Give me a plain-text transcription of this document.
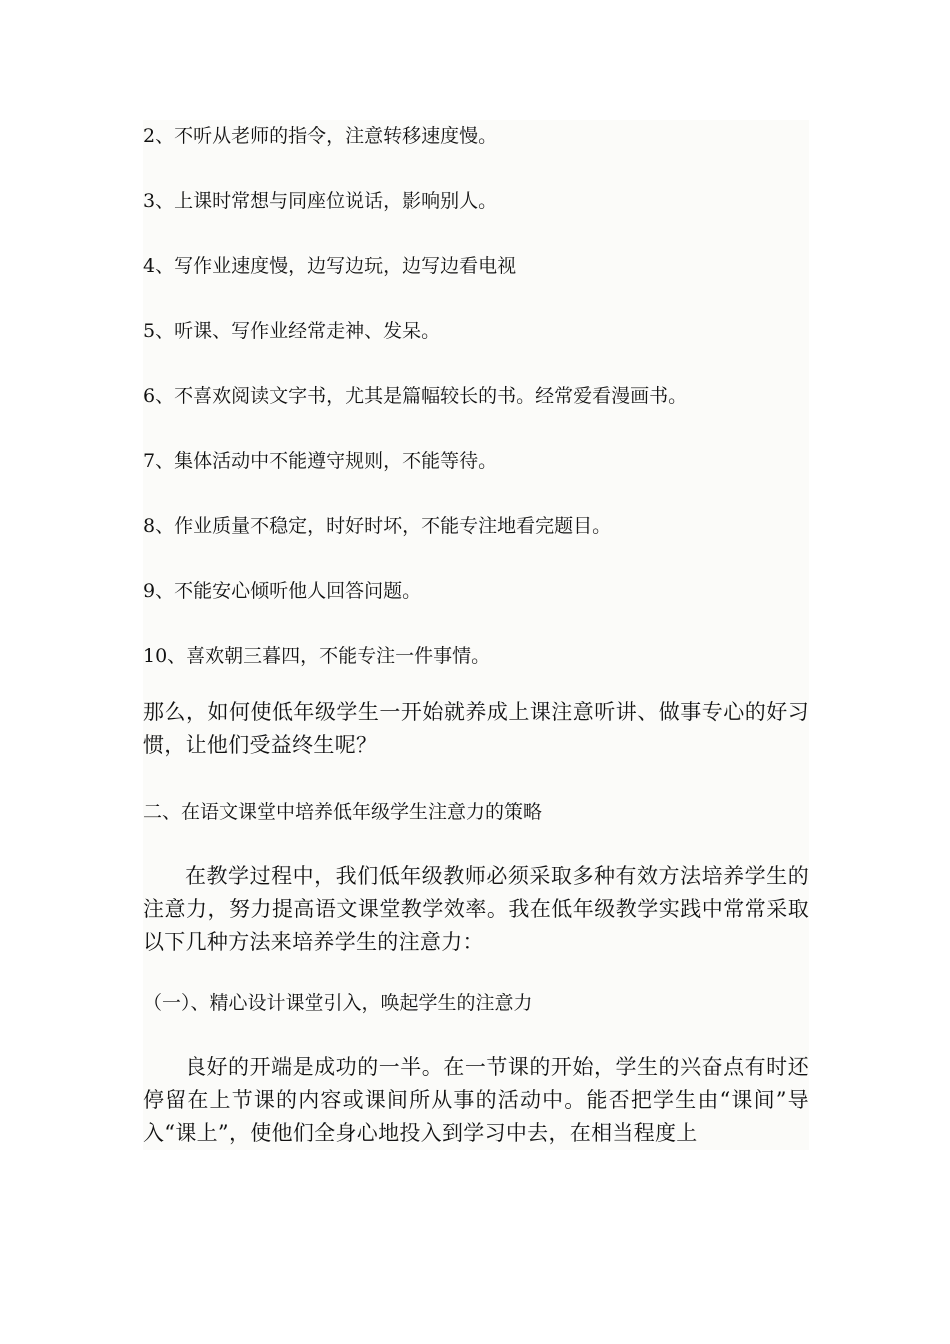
2、不听从老师的指令，注意转移速度慢。

3、上课时常想与同座位说话，影响别人。

4、写作业速度慢，边写边玩，边写边看电视

5、听课、写作业经常走神、发呆。

6、不喜欢阅读文字书，尤其是篇幅较长的书。经常爱看漫画书。

7、集体活动中不能遵守规则，不能等待。

8、作业质量不稳定，时好时坏，不能专注地看完题目。

9、不能安心倾听他人回答问题。

10、喜欢朝三暮四，不能专注一件事情。

那么，如何使低年级学生一开始就养成上课注意听讲、做事专心的好习惯，让他们受益终生呢？

二、在语文课堂中培养低年级学生注意力的策略

在教学过程中，我们低年级教师必须采取多种有效方法培养学生的注意力，努力提高语文课堂教学效率。我在低年级教学实践中常常采取以下几种方法来培养学生的注意力：

（一）、精心设计课堂引入，唤起学生的注意力

良好的开端是成功的一半。在一节课的开始，学生的兴奋点有时还停留在上节课的内容或课间所从事的活动中。能否把学生由“课间”导入“课上”，使他们全身心地投入到学习中去，在相当程度上
